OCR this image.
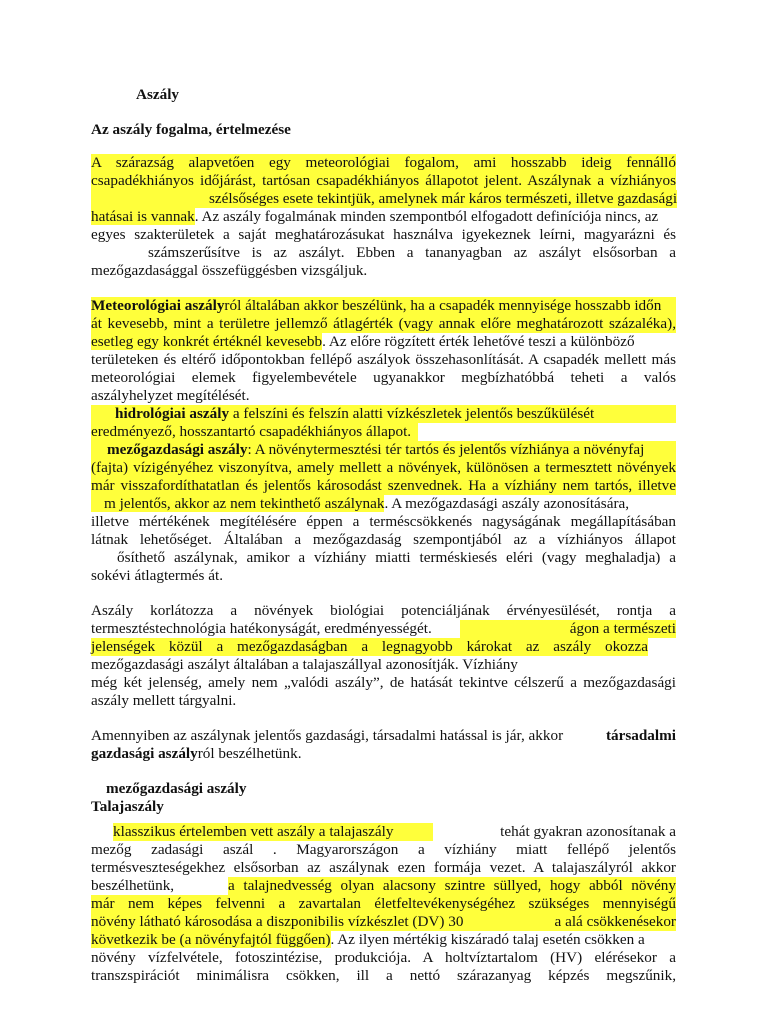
Aszály
Az aszály fogalma, értelmezése
A szárazság alapvetően egy meteorológiai fogalom, ami hosszabb ideig fennálló
csapadékhiányos időjárást, tartósan csapadékhiányos állapotot jelent. Aszálynak a vízhiányos

szélsőséges esete tekintjük, amelynek már káros természeti, illetve gazdasági
hatásai is vannak. Az aszály fogalmának minden szempontból elfogadott definíciója nincs, az
egyes szakterületek a saját meghatározásukat használva igyekeznek leírni, magyarázni és
számszerűsítve is az aszályt. Ebben a tananyagban az aszályt elsősorban a
mezőgazdasággal összefüggésben vizsgáljuk.
Meteorológiai aszályról általában akkor beszélünk, ha a csapadék mennyisége hosszabb időn
át kevesebb, mint a területre jellemző átlagérték (vagy annak előre meghatározott százaléka),
esetleg egy konkrét értéknél kevesebb. Az előre rögzített érték lehetővé teszi a különböző
területeken és eltérő időpontokban fellépő aszályok összehasonlítását. A csapadék mellett más
meteorológiai elemek figyelembevétele ugyanakkor megbízhatóbbá teheti a valós
aszályhelyzet megítélését.
hidrológiai aszály a felszíni és felszín alatti vízkészletek jelentős beszűkülését
eredményező, hosszantartó csapadékhiányos állapot.
mezőgazdasági aszály: A növénytermesztési tér tartós és jelentős vízhiánya a növényfaj
(fajta) vízigényéhez viszonyítva, amely mellett a növények, különösen a termesztett növények
már visszafordíthatatlan és jelentős károsodást szenvednek. Ha a vízhiány nem tartós, illetve
m jelentős, akkor az nem tekinthető aszálynak. A mezőgazdasági aszály azonosítására,
illetve mértékének megítélésére éppen a terméscsökkenés nagyságának megállapításában
látnak lehetőséget. Általában a mezőgazdaság szempontjából az a vízhiányos állapot
ősíthető aszálynak, amikor a vízhiány miatti terméskiesés eléri (vagy meghaladja) a
sokévi átlagtermés át.
Aszály korlátozza a növények biológiai potenciáljának érvényesülését, rontja a
termesztéstechnológia hatékonyságát, eredményességét.	ágon a természeti
jelenségek közül a mezőgazdaságban a legnagyobb károkat az aszály okozza
mezőgazdasági aszályt általában a talajaszállyal azonosítják. Vízhiány
még két jelenség, amely nem „valódi aszály”, de hatását tekintve célszerű a mezőgazdasági
aszály mellett tárgyalni.
Amennyiben az aszálynak jelentős gazdasági, társadalmi hatással is jár, akkor	társadalmi
gazdasági aszályról beszélhetünk.
mezőgazdasági aszály
Talajaszály
klasszikus értelemben vett aszály a talajaszály	tehát gyakran azonosítanak a
mezőg zadasági aszál . Magyarországon a vízhiány miatt fellépő jelentős
termésveszteségekhez elsősorban az aszálynak ezen formája vezet. A talajaszályról akkor
beszélhetünk,	a talajnedvesség olyan alacsony szintre süllyed, hogy abból növény
már nem képes felvenni a zavartalan életfeltevékenységéhez szükséges mennyiségű
növény látható károsodása a diszponibilis vízkészlet (DV) 30	a alá csökkenésekor
következik be (a növényfajtól függően). Az ilyen mértékig kiszáradó talaj esetén csökken a
növény vízfelvétele, fotoszintézise, produkciója. A holtvíztartalom (HV) elérésekor a
transzspirációt minimálisra csökken, ill a nettó szárazanyag képzés megszűnik,
